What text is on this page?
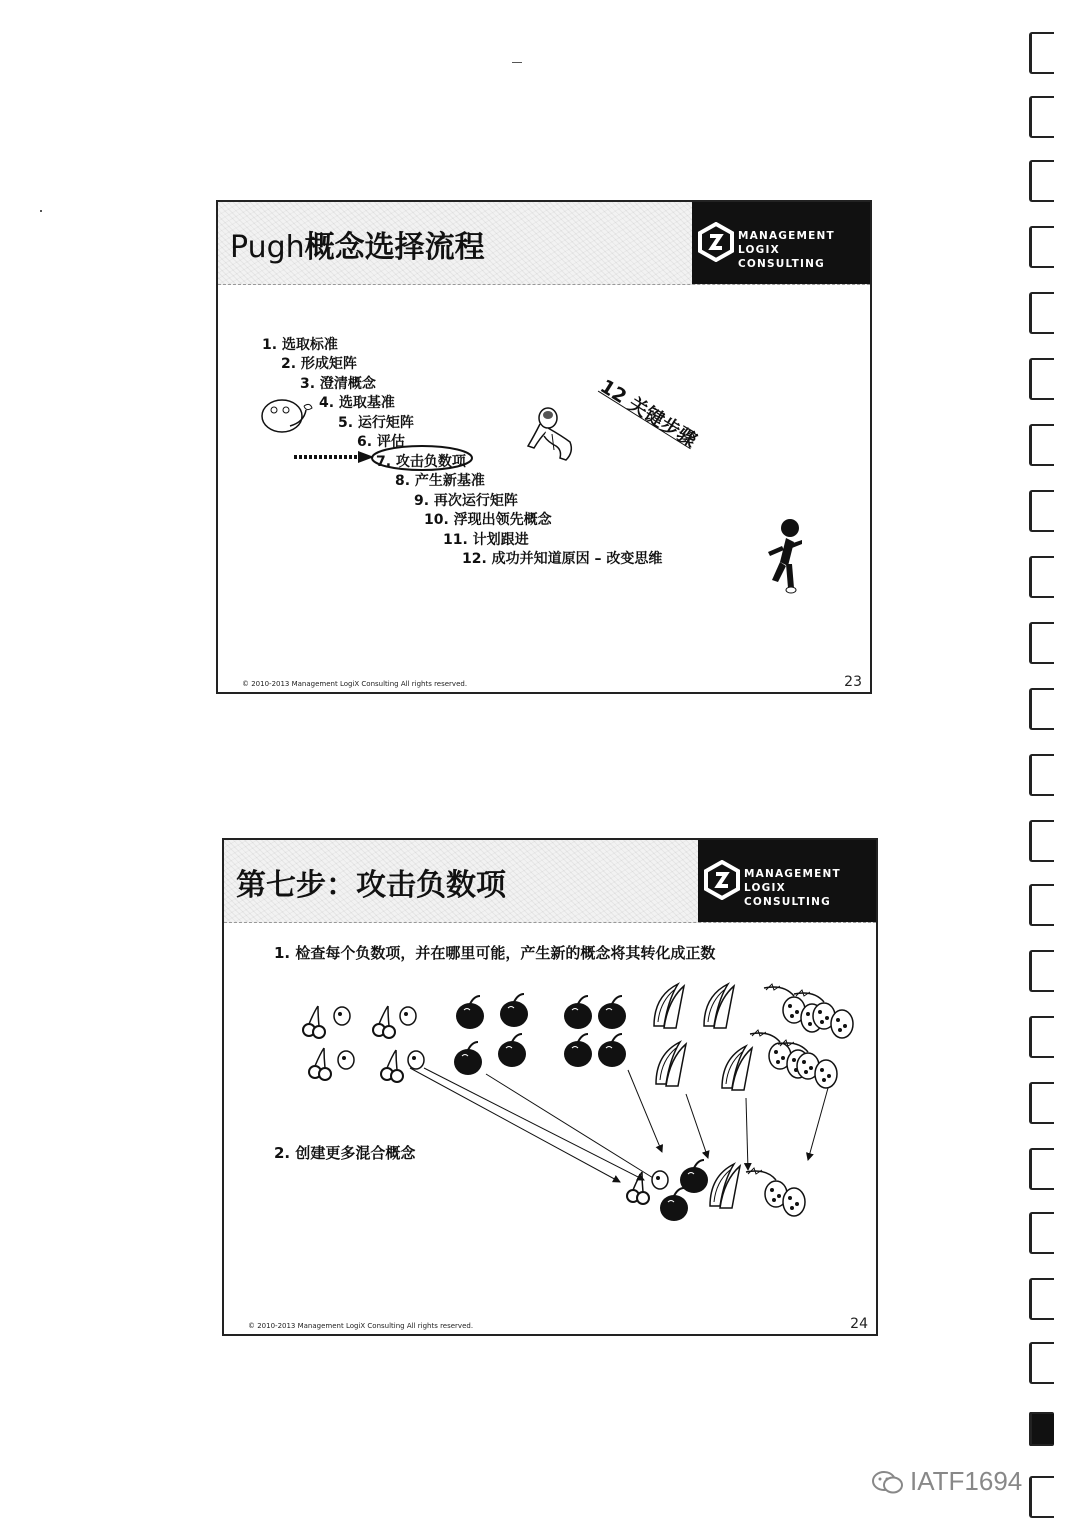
Pugh概念选择流程	MANAGEMENT
LOGIX CONSULTING
1. 选取标准
2. 形成矩阵
3. 澄清概念
4. 选取基准
5. 运行矩阵
6. 评估
7. 攻击负数项
8. 产生新基准
9. 再次运行矩阵
10. 浮现出领先概念
11. 计划跟进
12. 成功并知道原因 – 改变思维
12 关键步骤
© 2010-2013 Management LogiX Consulting All rights reserved.	23
第七步：攻击负数项	MANAGEMENT
LOGIX CONSULTING
1. 检查每个负数项，并在哪里可能，产生新的概念将其转化成正数
2. 创建更多混合概念
© 2010-2013 Management LogiX Consulting All rights reserved.	24
IATF1694
